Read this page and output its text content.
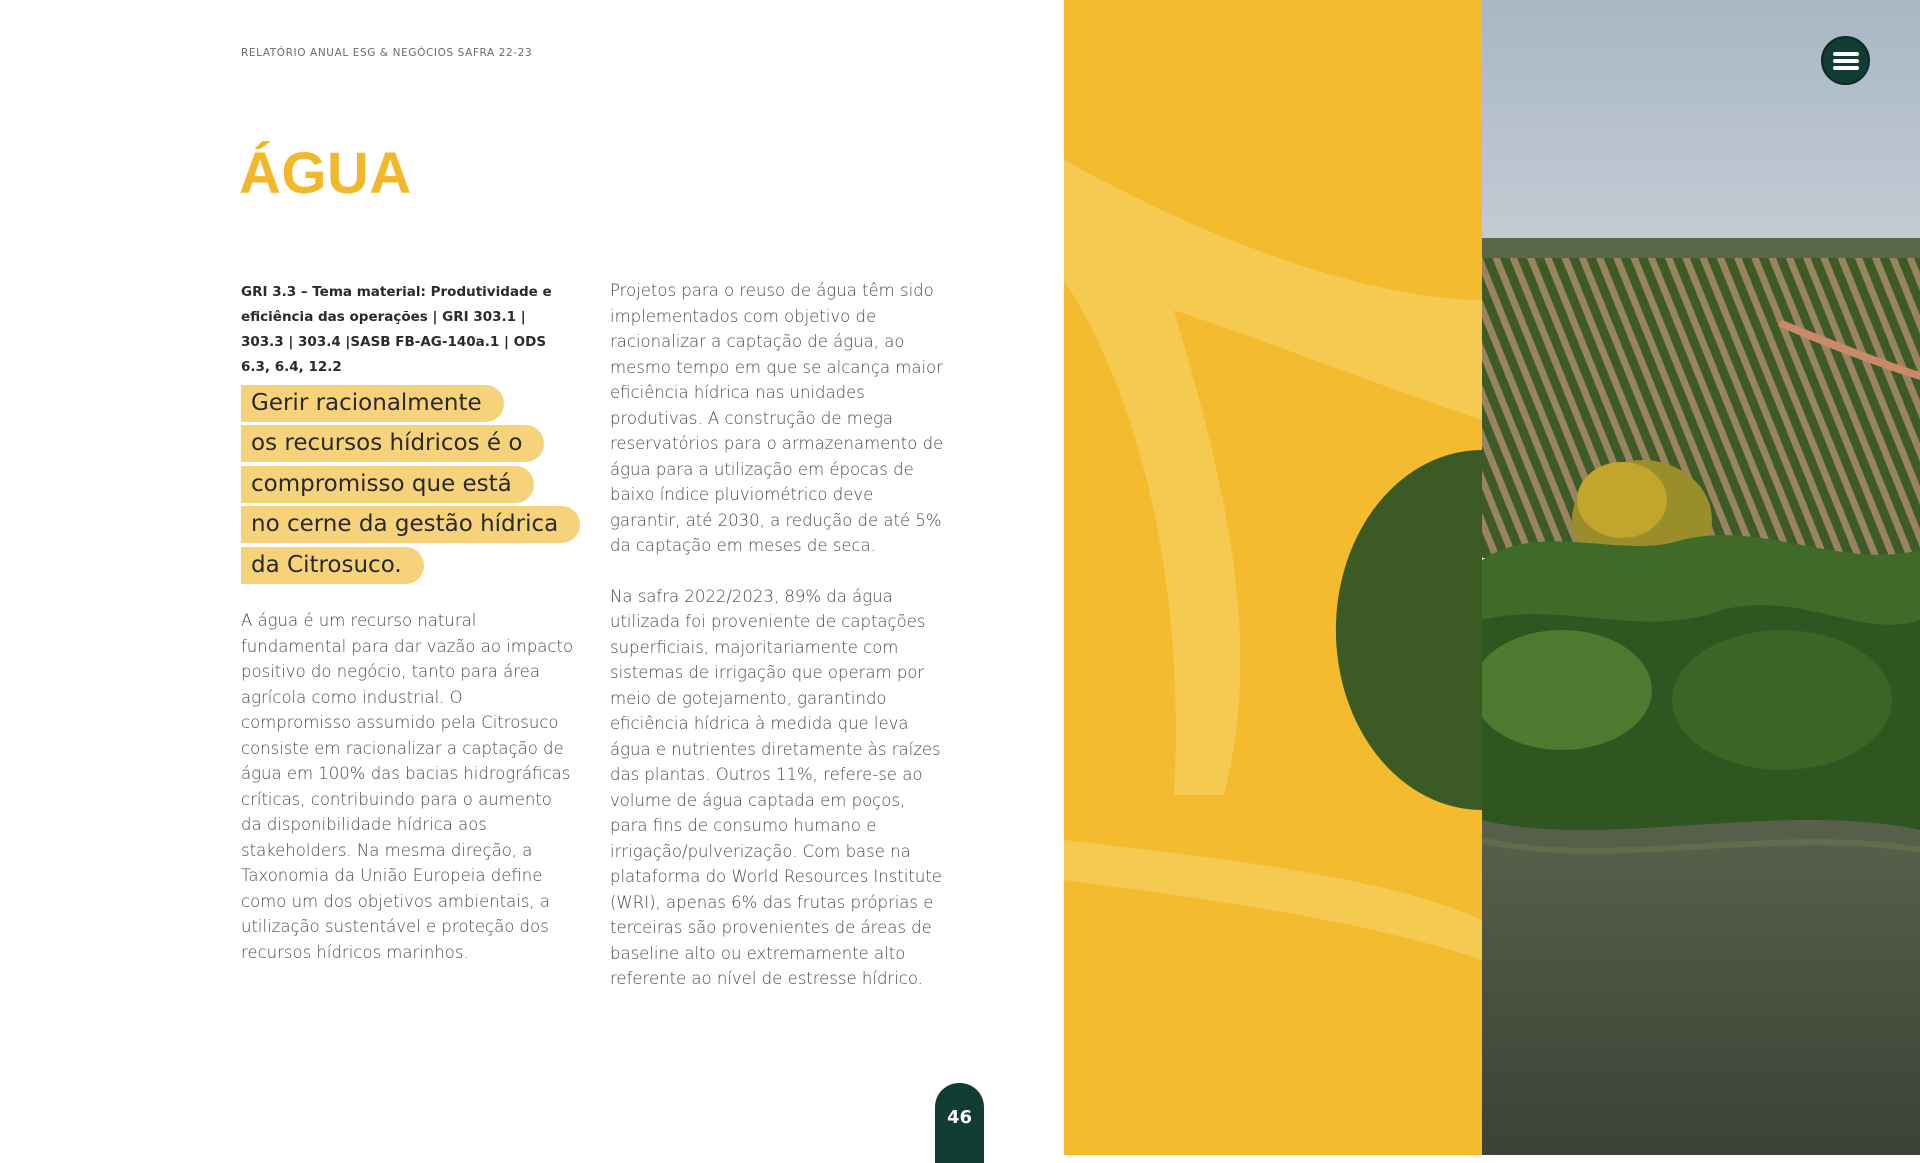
RELATÓRIO ANUAL ESG & NEGÓCIOS SAFRA 22-23
ÁGUA
GRI 3.3 – Tema material: Produtividade e eficiência das operações | GRI 303.1 | 303.3 | 303.4 |SASB FB-AG-140a.1 | ODS 6.3, 6.4, 12.2
Gerir racionalmente
os recursos hídricos é o
compromisso que está
no cerne da gestão hídrica
da Citrosuco.

A água é um recurso natural fundamental para dar vazão ao impacto positivo do negócio, tanto para área agrícola como industrial. O compromisso assumido pela Citrosuco consiste em racionalizar a captação de água em 100% das bacias hidrográficas críticas, contribuindo para o aumento da disponibilidade hídrica aos stakeholders. Na mesma direção, a Taxonomia da União Europeia define como um dos objetivos ambientais, a utilização sustentável e proteção dos recursos hídricos marinhos.

Projetos para o reuso de água têm sido implementados com objetivo de racionalizar a captação de água, ao mesmo tempo em que se alcança maior eficiência hídrica nas unidades produtivas. A construção de mega reservatórios para o armazenamento de água para a utilização em épocas de baixo índice pluviométrico deve garantir, até 2030, a redução de até 5% da captação em meses de seca.

Na safra 2022/2023, 89% da água utilizada foi proveniente de captações superficiais, majoritariamente com sistemas de irrigação que operam por meio de gotejamento, garantindo eficiência hídrica à medida que leva água e nutrientes diretamente às raízes das plantas. Outros 11%, refere-se ao volume de água captada em poços, para fins de consumo humano e irrigação/pulverização. Com base na plataforma do World Resources Institute (WRI), apenas 6% das frutas próprias e terceiras são provenientes de áreas de baseline alto ou extremamente alto referente ao nível de estresse hídrico.

46
